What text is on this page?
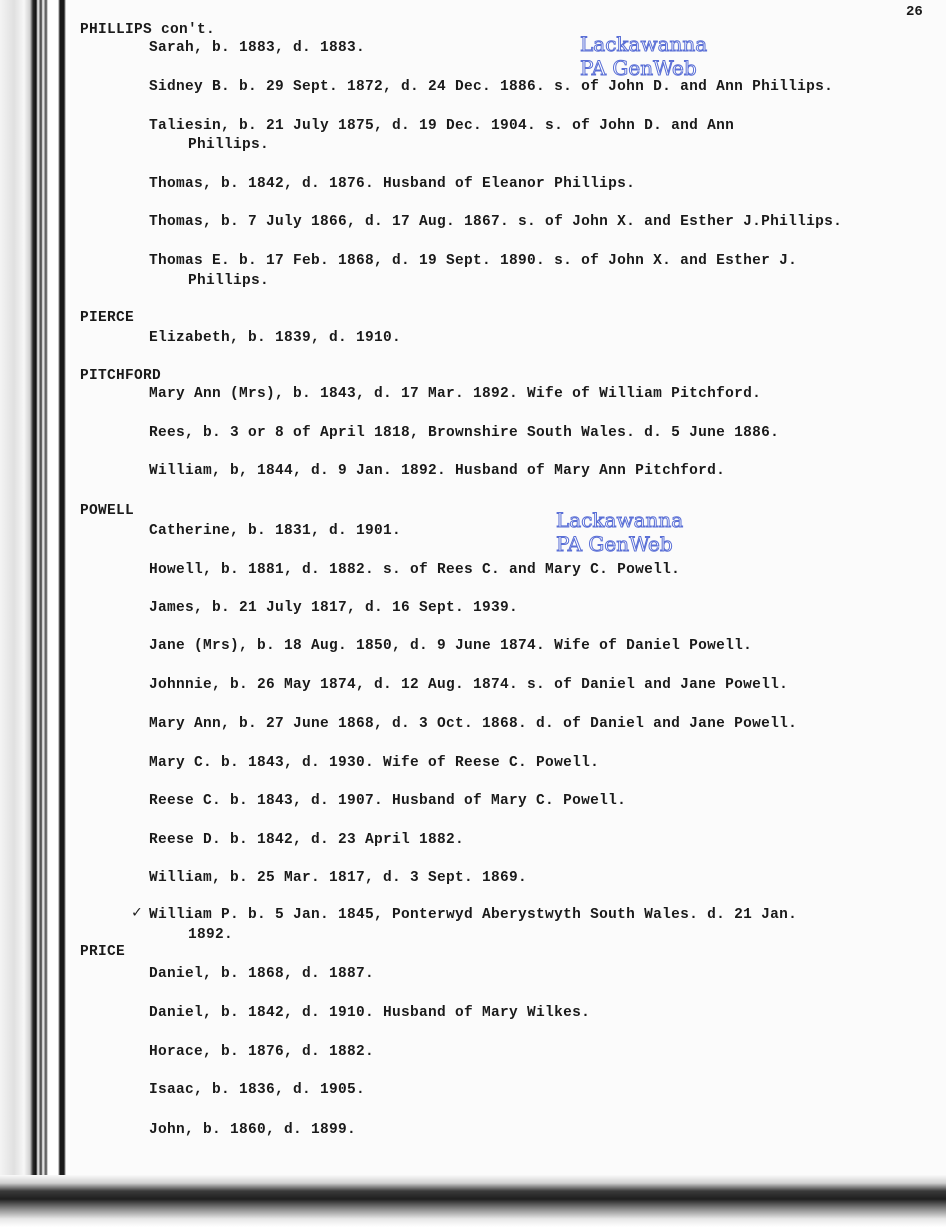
26
Lackawanna
PA GenWeb
Lackawanna
PA GenWeb
PHILLIPS con't.
Sarah, b. 1883, d. 1883.
Sidney B. b. 29 Sept. 1872, d. 24 Dec. 1886. s. of John D. and Ann Phillips.
Taliesin, b. 21 July 1875, d. 19 Dec. 1904. s. of John D. and Ann
Phillips.
Thomas, b. 1842, d. 1876. Husband of Eleanor Phillips.
Thomas, b. 7 July 1866, d. 17 Aug. 1867. s. of John X. and Esther J.Phillips.
Thomas E. b. 17 Feb. 1868, d. 19 Sept. 1890. s. of John X. and Esther J.
Phillips.
PIERCE
Elizabeth, b. 1839, d. 1910.
PITCHFORD
Mary Ann (Mrs), b. 1843, d. 17 Mar. 1892. Wife of William Pitchford.
Rees, b. 3 or 8 of April 1818, Brownshire South Wales. d. 5 June 1886.
William, b, 1844, d. 9 Jan. 1892. Husband of Mary Ann Pitchford.
POWELL
Catherine, b. 1831, d. 1901.
Howell, b. 1881, d. 1882. s. of Rees C. and Mary C. Powell.
James, b. 21 July 1817, d. 16 Sept. 1939.
Jane (Mrs), b. 18 Aug. 1850, d. 9 June 1874. Wife of Daniel Powell.
Johnnie, b. 26 May 1874, d. 12 Aug. 1874. s. of Daniel and Jane Powell.
Mary Ann, b. 27 June 1868, d. 3 Oct. 1868. d. of Daniel and Jane Powell.
Mary C. b. 1843, d. 1930. Wife of Reese C. Powell.
Reese C. b. 1843, d. 1907. Husband of Mary C. Powell.
Reese D. b. 1842, d. 23 April 1882.
William, b. 25 Mar. 1817, d. 3 Sept. 1869.
✓ William P. b. 5 Jan. 1845, Ponterwyd Aberystwyth South Wales. d. 21 Jan.
1892.
PRICE
Daniel, b. 1868, d. 1887.
Daniel, b. 1842, d. 1910. Husband of Mary Wilkes.
Horace, b. 1876, d. 1882.
Isaac, b. 1836, d. 1905.
John, b. 1860, d. 1899.
